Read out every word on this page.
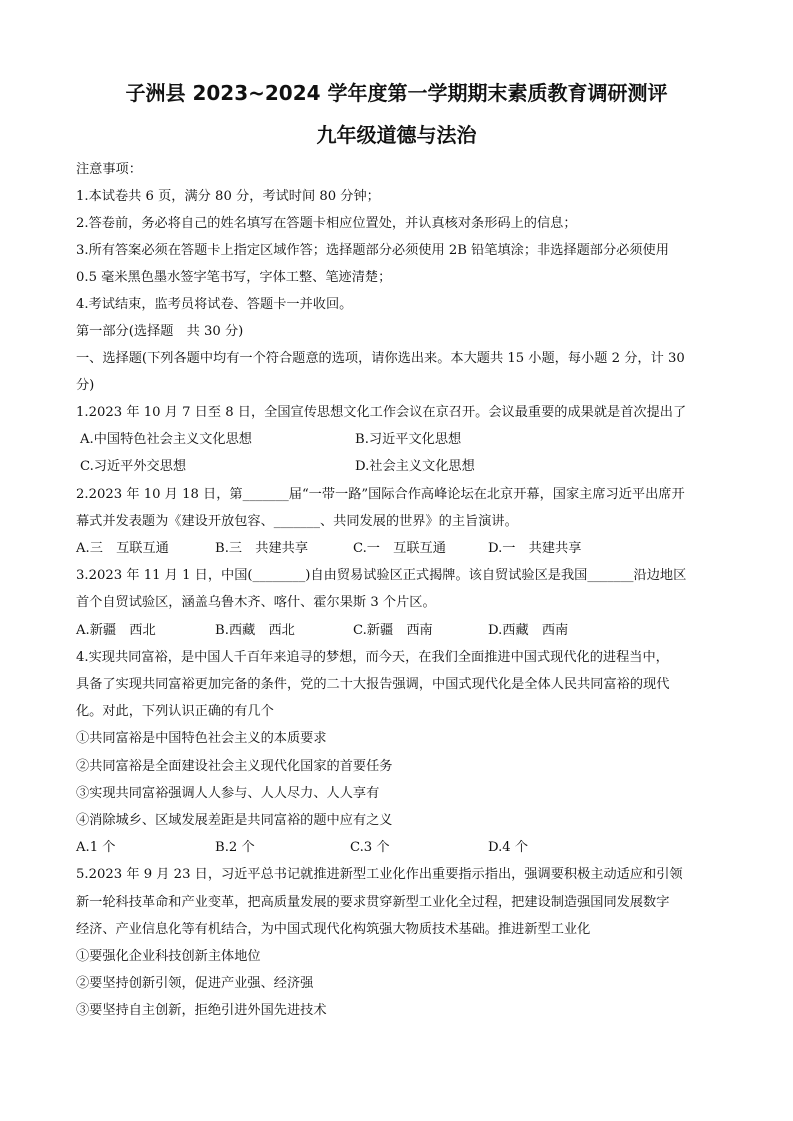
子洲县 2023~2024 学年度第一学期期末素质教育调研测评
九年级道德与法治
注意事项：
1.本试卷共 6 页，满分 80 分，考试时间 80 分钟；
2.答卷前，务必将自己的姓名填写在答题卡相应位置处，并认真核对条形码上的信息；
3.所有答案必须在答题卡上指定区域作答；选择题部分必须使用 2B 铅笔填涂；非选择题部分必须使用
0.5 毫米黑色墨水签字笔书写，字体工整、笔迹清楚；
4.考试结束，监考员将试卷、答题卡一并收回。
第一部分(选择题　共 30 分)
一、选择题(下列各题中均有一个符合题意的选项，请你选出来。本大题共 15 小题，每小题 2 分，计 30
分)
1.2023 年 10 月 7 日至 8 日，全国宣传思想文化工作会议在京召开。会议最重要的成果就是首次提出了
A.中国特色社会主义文化思想	B.习近平文化思想
C.习近平外交思想	D.社会主义文化思想
2.2023 年 10 月 18 日，第_______届“一带一路”国际合作高峰论坛在北京开幕，国家主席习近平出席开
幕式并发表题为《建设开放包容、_______、共同发展的世界》的主旨演讲。
A.三　互联互通	B.三　共建共享	C.一　互联互通	D.一　共建共享
3.2023 年 11 月 1 日，中国(________)自由贸易试验区正式揭牌。该自贸试验区是我国_______沿边地区
首个自贸试验区，涵盖乌鲁木齐、喀什、霍尔果斯 3 个片区。
A.新疆　西北	B.西藏　西北	C.新疆　西南	D.西藏　西南
4.实现共同富裕，是中国人千百年来追寻的梦想，而今天，在我们全面推进中国式现代化的进程当中，
具备了实现共同富裕更加完备的条件，党的二十大报告强调，中国式现代化是全体人民共同富裕的现代
化。对此，下列认识正确的有几个
①共同富裕是中国特色社会主义的本质要求
②共同富裕是全面建设社会主义现代化国家的首要任务
③实现共同富裕强调人人参与、人人尽力、人人享有
④消除城乡、区域发展差距是共同富裕的题中应有之义
A.1 个	B.2 个	C.3 个	D.4 个
5.2023 年 9 月 23 日，习近平总书记就推进新型工业化作出重要指示指出，强调要积极主动适应和引领
新一轮科技革命和产业变革，把高质量发展的要求贯穿新型工业化全过程，把建设制造强国同发展数字
经济、产业信息化等有机结合，为中国式现代化构筑强大物质技术基础。推进新型工业化
①要强化企业科技创新主体地位
②要坚持创新引领，促进产业强、经济强
③要坚持自主创新，拒绝引进外国先进技术
